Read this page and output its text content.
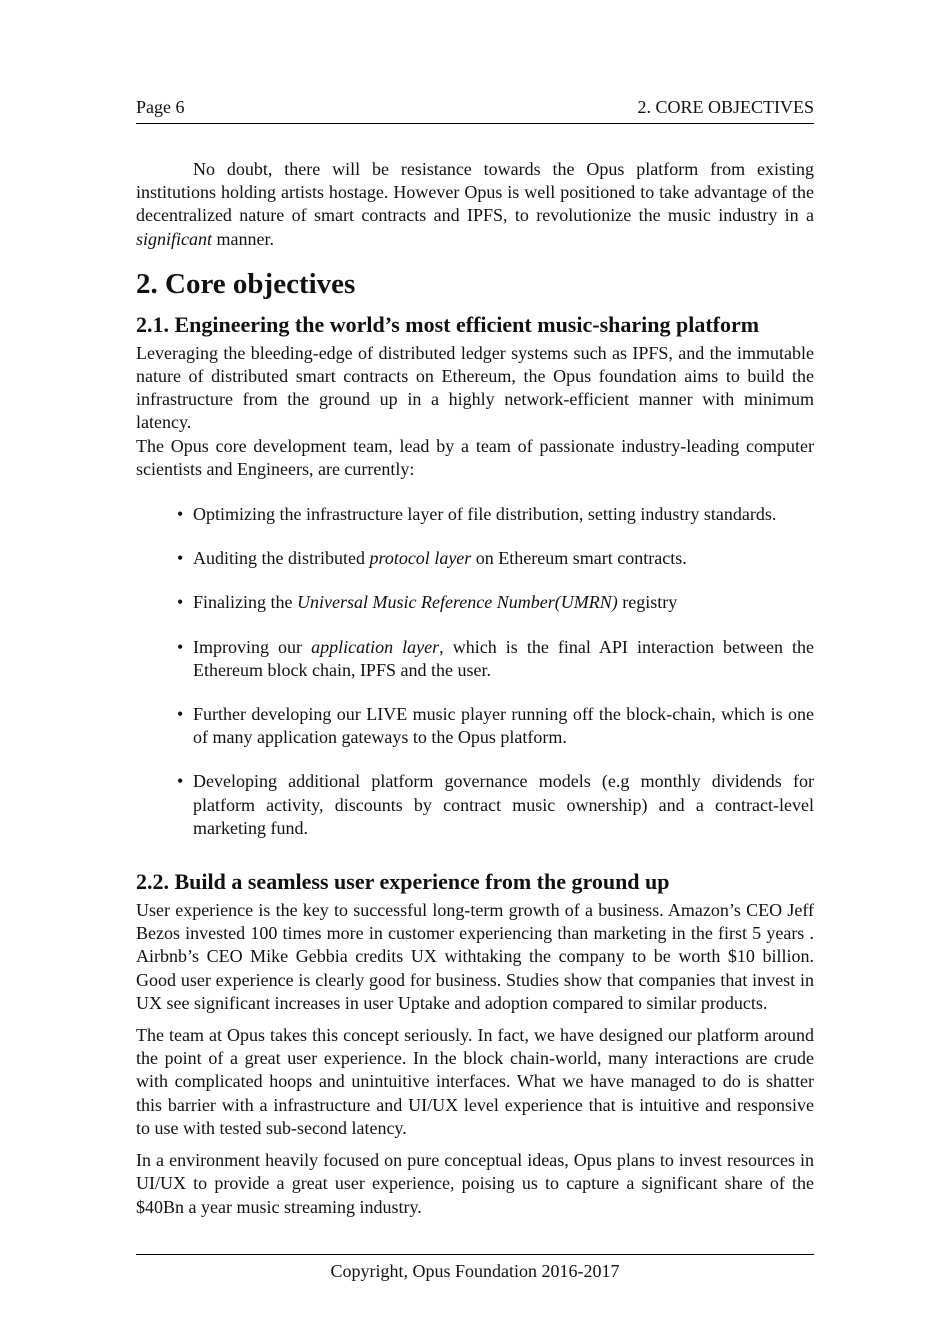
Page 6	2. CORE OBJECTIVES

No doubt, there will be resistance towards the Opus platform from existing institutions holding artists hostage. However Opus is well positioned to take advantage of the decentralized nature of smart contracts and IPFS, to revolutionize the music industry in a significant manner.

2. Core objectives
2.1. Engineering the world’s most efficient music-sharing platform

Leveraging the bleeding-edge of distributed ledger systems such as IPFS, and the immutable nature of distributed smart contracts on Ethereum, the Opus foundation aims to build the infrastructure from the ground up in a highly network-efficient manner with minimum latency.

The Opus core development team, lead by a team of passionate industry-leading computer scientists and Engineers, are currently:

• Optimizing the infrastructure layer of file distribution, setting industry standards.
• Auditing the distributed protocol layer on Ethereum smart contracts.
• Finalizing the Universal Music Reference Number(UMRN) registry
• Improving our application layer, which is the final API interaction between the Ethereum block chain, IPFS and the user.
• Further developing our LIVE music player running off the block-chain, which is one of many application gateways to the Opus platform.
• Developing additional platform governance models (e.g monthly dividends for platform activity, discounts by contract music ownership) and a contract-level marketing fund.
2.2. Build a seamless user experience from the ground up

User experience is the key to successful long-term growth of a business. Amazon’s CEO Jeff Bezos invested 100 times more in customer experiencing than marketing in the first 5 years . Airbnb’s CEO Mike Gebbia credits UX withtaking the company to be worth $10 billion. Good user experience is clearly good for business. Studies show that companies that invest in UX see significant increases in user Uptake and adoption compared to similar products.

The team at Opus takes this concept seriously. In fact, we have designed our platform around the point of a great user experience. In the block chain-world, many interactions are crude with complicated hoops and unintuitive interfaces. What we have managed to do is shatter this barrier with a infrastructure and UI/UX level experience that is intuitive and responsive to use with tested sub-second latency.

In a environment heavily focused on pure conceptual ideas, Opus plans to invest resources in UI/UX to provide a great user experience, poising us to capture a significant share of the $40Bn a year music streaming industry.

Copyright, Opus Foundation 2016-2017
